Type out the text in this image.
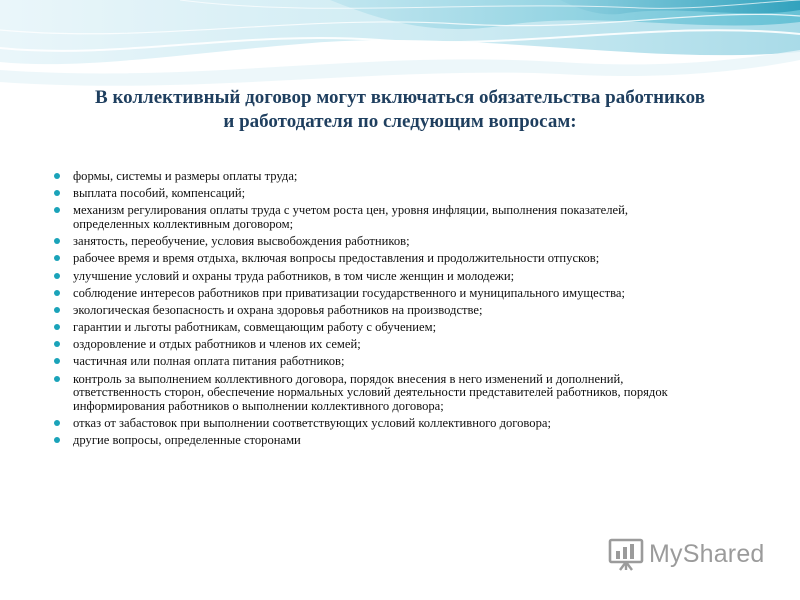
В коллективный договор могут включаться обязательства работников
и работодателя по следующим вопросам:
формы, системы и размеры оплаты труда;
выплата пособий, компенсаций;
механизм регулирования оплаты труда с учетом роста цен, уровня инфляции, выполнения показателей, определенных коллективным договором;
занятость, переобучение, условия высвобождения работников;
рабочее время и время отдыха, включая вопросы предоставления и продолжительности отпусков;
улучшение условий и охраны труда работников, в том числе женщин и молодежи;
соблюдение интересов работников при приватизации государственного и муниципального имущества;
экологическая безопасность и охрана здоровья работников на производстве;
гарантии и льготы работникам, совмещающим работу с обучением;
оздоровление и отдых работников и членов их семей;
частичная или полная оплата питания работников;
контроль за выполнением коллективного договора, порядок внесения в него изменений и дополнений, ответственность сторон, обеспечение нормальных условий деятельности представителей работников, порядок информирования работников о выполнении коллективного договора;
отказ от забастовок при выполнении соответствующих условий коллективного договора;
другие вопросы, определенные сторонами
MyShared
